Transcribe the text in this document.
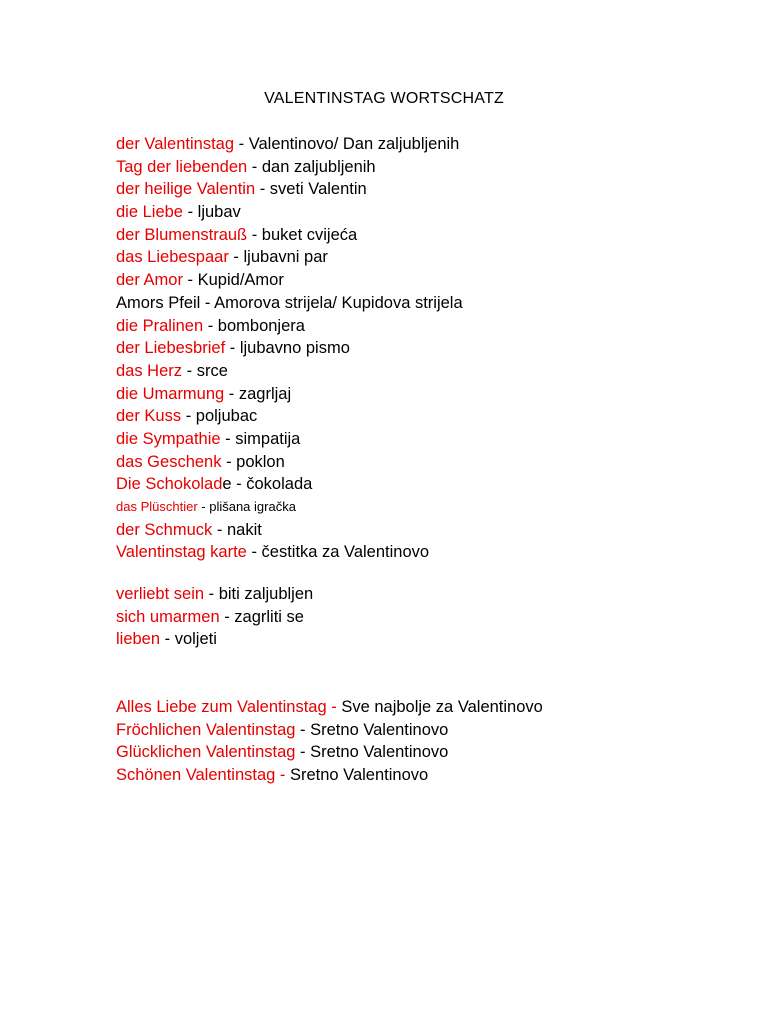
VALENTINSTAG WORTSCHATZ
der Valentinstag - Valentinovo/ Dan zaljubljenih
Tag der liebenden - dan zaljubljenih
der heilige Valentin - sveti Valentin
die Liebe - ljubav
der Blumenstrauß - buket cvijeća
das Liebespaar - ljubavni par
der Amor - Kupid/Amor
Amors Pfeil - Amorova strijela/ Kupidova strijela
die Pralinen - bombonjera
der Liebesbrief - ljubavno pismo
das Herz - srce
die Umarmung - zagrljaj
der Kuss - poljubac
die Sympathie - simpatija
das Geschenk - poklon
Die Schokolade - čokolada
das Plüschtier - plišana igračka
der Schmuck - nakit
Valentinstag karte - čestitka za Valentinovo
verliebt sein - biti zaljubljen
sich umarmen - zagrliti se
lieben - voljeti
Alles Liebe zum Valentinstag - Sve najbolje za Valentinovo
Fröchlichen Valentinstag - Sretno Valentinovo
Glücklichen Valentinstag - Sretno Valentinovo
Schönen Valentinstag - Sretno Valentinovo
